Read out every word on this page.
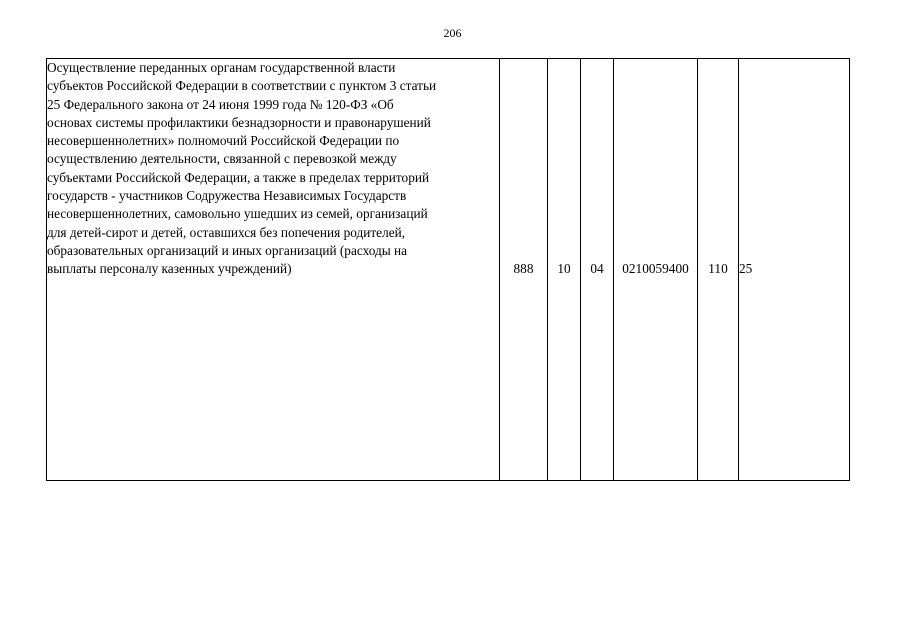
206
Осуществление переданных органам государственной власти
субъектов Российской Федерации в соответствии с пунктом 3 статьи
25 Федерального закона от 24 июня 1999 года № 120-ФЗ «Об
основах системы профилактики безнадзорности и правонарушений
несовершеннолетних» полномочий Российской Федерации по
осуществлению деятельности, связанной с перевозкой между
субъектами Российской Федерации, а также в пределах территорий
государств - участников Содружества Независимых Государств
несовершеннолетних, самовольно ушедших из семей, организаций
для детей-сирот и детей, оставшихся без попечения родителей,
образовательных организаций и иных организаций (расходы на
выплаты персоналу казенных учреждений)	888	10	04	0210059400	110	25
